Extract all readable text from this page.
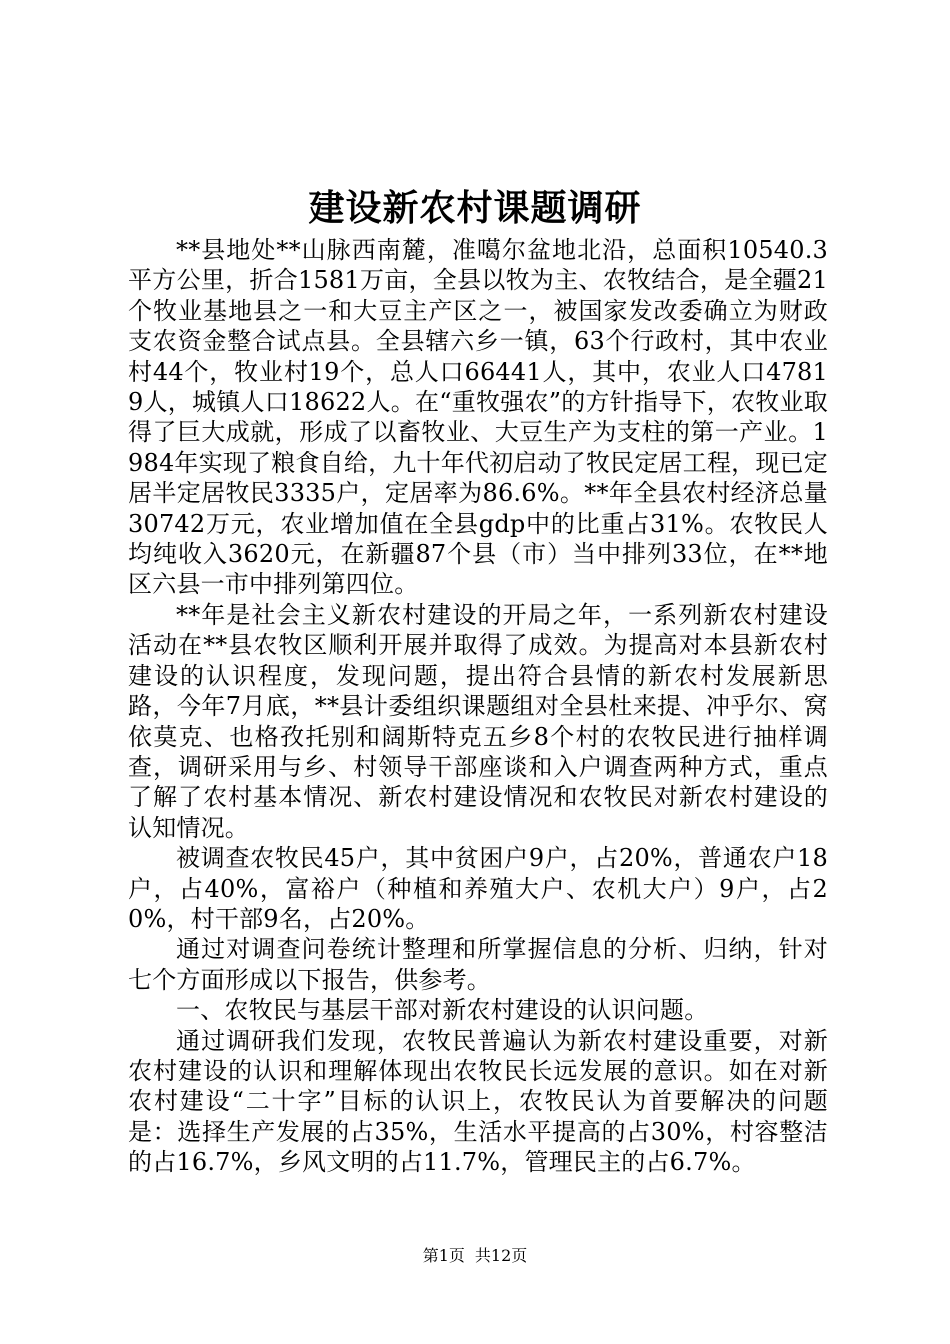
建设新农村课题调研

**县地处**山脉西南麓，准噶尔盆地北沿，总面积10540.3平方公里，折合1581万亩，全县以牧为主、农牧结合，是全疆21个牧业基地县之一和大豆主产区之一，被国家发改委确立为财政支农资金整合试点县。全县辖六乡一镇，63个行政村，其中农业村44个，牧业村19个，总人口66441人，其中，农业人口47819人，城镇人口18622人。在“重牧强农”的方针指导下，农牧业取得了巨大成就，形成了以畜牧业、大豆生产为支柱的第一产业。1984年实现了粮食自给，九十年代初启动了牧民定居工程，现已定居半定居牧民3335户，定居率为86.6%。**年全县农村经济总量30742万元，农业增加值在全县gdp中的比重占31%。农牧民人均纯收入3620元，在新疆87个县（市）当中排列33位，在**地区六县一市中排列第四位。

**年是社会主义新农村建设的开局之年，一系列新农村建设活动在**县农牧区顺利开展并取得了成效。为提高对本县新农村建设的认识程度，发现问题，提出符合县情的新农村发展新思路，今年7月底，**县计委组织课题组对全县杜来提、冲乎尔、窝依莫克、也格孜托别和阔斯特克五乡8个村的农牧民进行抽样调查，调研采用与乡、村领导干部座谈和入户调查两种方式，重点了解了农村基本情况、新农村建设情况和农牧民对新农村建设的认知情况。

被调查农牧民45户，其中贫困户9户，占20%，普通农户18户，占40%，富裕户（种植和养殖大户、农机大户）9户，占20%，村干部9名，占20%。

通过对调查问卷统计整理和所掌握信息的分析、归纳，针对七个方面形成以下报告，供参考。

一、农牧民与基层干部对新农村建设的认识问题。

通过调研我们发现，农牧民普遍认为新农村建设重要，对新农村建设的认识和理解体现出农牧民长远发展的意识。如在对新农村建设“二十字”目标的认识上，农牧民认为首要解决的问题是：选择生产发展的占35%，生活水平提高的占30%，村容整洁的占16.7%，乡风文明的占11.7%，管理民主的占6.7%。

第1页 共12页
